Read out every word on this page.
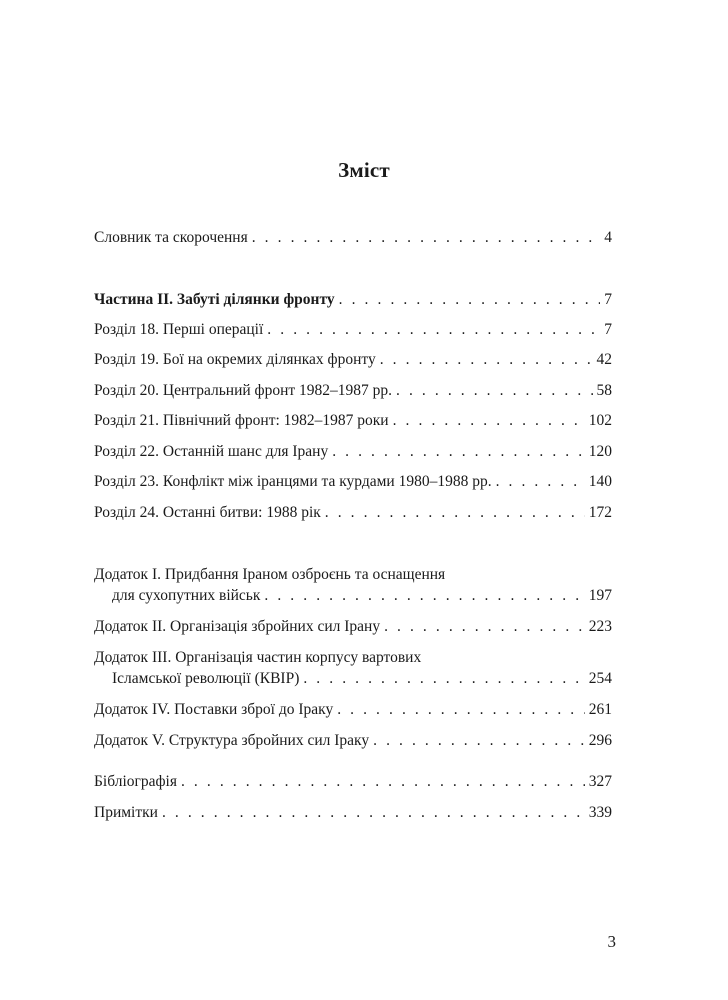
Зміст
Словник та скорочення . . .	4
Частина II. Забуті ділянки фронту . . .	7
Розділ 18. Перші операції . . .	7
Розділ 19. Бої на окремих ділянках фронту . . .	42
Розділ 20. Центральний фронт 1982–1987 рр. . . .	58
Розділ 21. Північний фронт: 1982–1987 роки . . .	102
Розділ 22. Останній шанс для Ірану . . .	120
Розділ 23. Конфлікт між іранцями та курдами 1980–1988 рр. . . .	140
Розділ 24. Останні битви: 1988 рік . . .	172
Додаток I. Придбання Іраном озброєнь та оснащення
для сухопутних військ . . .	197
Додаток II. Організація збройних сил Ірану . . .	223
Додаток III. Організація частин корпусу вартових
Ісламської революції (КВІР) . . .	254
Додаток IV. Поставки зброї до Іраку . . .	261
Додаток V. Структура збройних сил Іраку . . .	296
Бібліографія . . .	327
Примітки . . .	339
3
